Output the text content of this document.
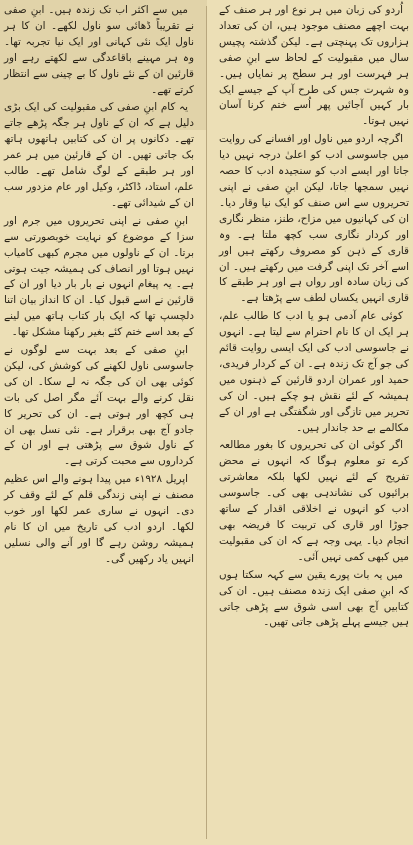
اُردو کی زبان میں ہر نوع اور ہر صنف کے بہت اچھے مصنف موجود ہیں، ان کی تعداد ہزاروں تک پہنچتی ہے۔ لیکن گذشتہ پچیس سال میں مقبولیت کے لحاظ سے ابنِ صفی ہر فہرست اور ہر سطح پر نمایاں ہیں۔ وہ شہرت جس کی طرح آپ کے جیسے ایک بار کہیں آجائیں پھر اُسے ختم کرنا آسان نہیں ہوتا۔

اگرچہ اردو میں ناول اور افسانے کی روایت میں جاسوسی ادب کو اعلیٰ درجہ نہیں دیا جاتا اور ایسے ادب کو سنجیدہ ادب کا حصہ نہیں سمجھا جاتا، لیکن ابنِ صفی نے اپنی تحریروں سے اس صنف کو ایک نیا وقار دیا۔ ان کی کہانیوں میں مزاح، طنز، منظر نگاری اور کردار نگاری سب کچھ ملتا ہے۔ وہ قاری کے ذہن کو مصروف رکھتے ہیں اور اسے آخر تک اپنی گرفت میں رکھتے ہیں۔ ان کی زبان سادہ اور رواں ہے اور ہر طبقے کا قاری انہیں یکساں لطف سے پڑھتا ہے۔

کوئی عام آدمی ہو یا ادب کا طالب علم، ہر ایک ان کا نام احترام سے لیتا ہے۔ انہوں نے جاسوسی ادب کی ایک ایسی روایت قائم کی جو آج تک زندہ ہے۔ ان کے کردار فریدی، حمید اور عمران اردو قارئین کے ذہنوں میں ہمیشہ کے لئے نقش ہو چکے ہیں۔ ان کی تحریر میں تازگی اور شگفتگی ہے اور ان کے مکالمے بے حد جاندار ہیں۔

اگر کوئی ان کی تحریروں کا بغور مطالعہ کرے تو معلوم ہوگا کہ انہوں نے محض تفریح کے لئے نہیں لکھا بلکہ معاشرتی برائیوں کی نشاندہی بھی کی۔ جاسوسی ادب کو انہوں نے اخلاقی اقدار کے ساتھ جوڑا اور قاری کی تربیت کا فریضہ بھی انجام دیا۔ یہی وجہ ہے کہ ان کی مقبولیت میں کبھی کمی نہیں آئی۔

میں یہ بات پورے یقین سے کہہ سکتا ہوں کہ ابنِ صفی ایک زندہ مصنف ہیں۔ ان کی کتابیں آج بھی اسی شوق سے پڑھی جاتی ہیں جیسے پہلے پڑھی جاتی تھیں۔

میں سے اکثر اب تک زندہ ہیں۔ ابنِ صفی نے تقریباً ڈھائی سو ناول لکھے۔ ان کا ہر ناول ایک نئی کہانی اور ایک نیا تجربہ تھا۔ وہ ہر مہینے باقاعدگی سے لکھتے رہے اور قارئین ان کے نئے ناول کا بے چینی سے انتظار کرتے تھے۔

یہ کام ابنِ صفی کی مقبولیت کی ایک بڑی دلیل ہے کہ ان کے ناول ہر جگہ پڑھے جاتے تھے۔ دکانوں پر ان کی کتابیں ہاتھوں ہاتھ بک جاتی تھیں۔ ان کے قارئین میں ہر عمر اور ہر طبقے کے لوگ شامل تھے۔ طالب علم، استاد، ڈاکٹر، وکیل اور عام مزدور سب ان کے شیدائی تھے۔

ابنِ صفی نے اپنی تحریروں میں جرم اور سزا کے موضوع کو نہایت خوبصورتی سے برتا۔ ان کے ناولوں میں مجرم کبھی کامیاب نہیں ہوتا اور انصاف کی ہمیشہ جیت ہوتی ہے۔ یہ پیغام انہوں نے بار بار دیا اور ان کے قارئین نے اسے قبول کیا۔ ان کا انداز بیان اتنا دلچسپ تھا کہ ایک بار کتاب ہاتھ میں لینے کے بعد اسے ختم کئے بغیر رکھنا مشکل تھا۔

ابنِ صفی کے بعد بہت سے لوگوں نے جاسوسی ناول لکھنے کی کوشش کی، لیکن کوئی بھی ان کی جگہ نہ لے سکا۔ ان کی نقل کرنے والے بہت آئے مگر اصل کی بات ہی کچھ اور ہوتی ہے۔ ان کی تحریر کا جادو آج بھی برقرار ہے۔ نئی نسل بھی ان کے ناول شوق سے پڑھتی ہے اور ان کے کرداروں سے محبت کرتی ہے۔

اپریل ۱۹۲۸ء میں پیدا ہونے والے اس عظیم مصنف نے اپنی زندگی قلم کے لئے وقف کر دی۔ انہوں نے ساری عمر لکھا اور خوب لکھا۔ اردو ادب کی تاریخ میں ان کا نام ہمیشہ روشن رہے گا اور آنے والی نسلیں انہیں یاد رکھیں گی۔
